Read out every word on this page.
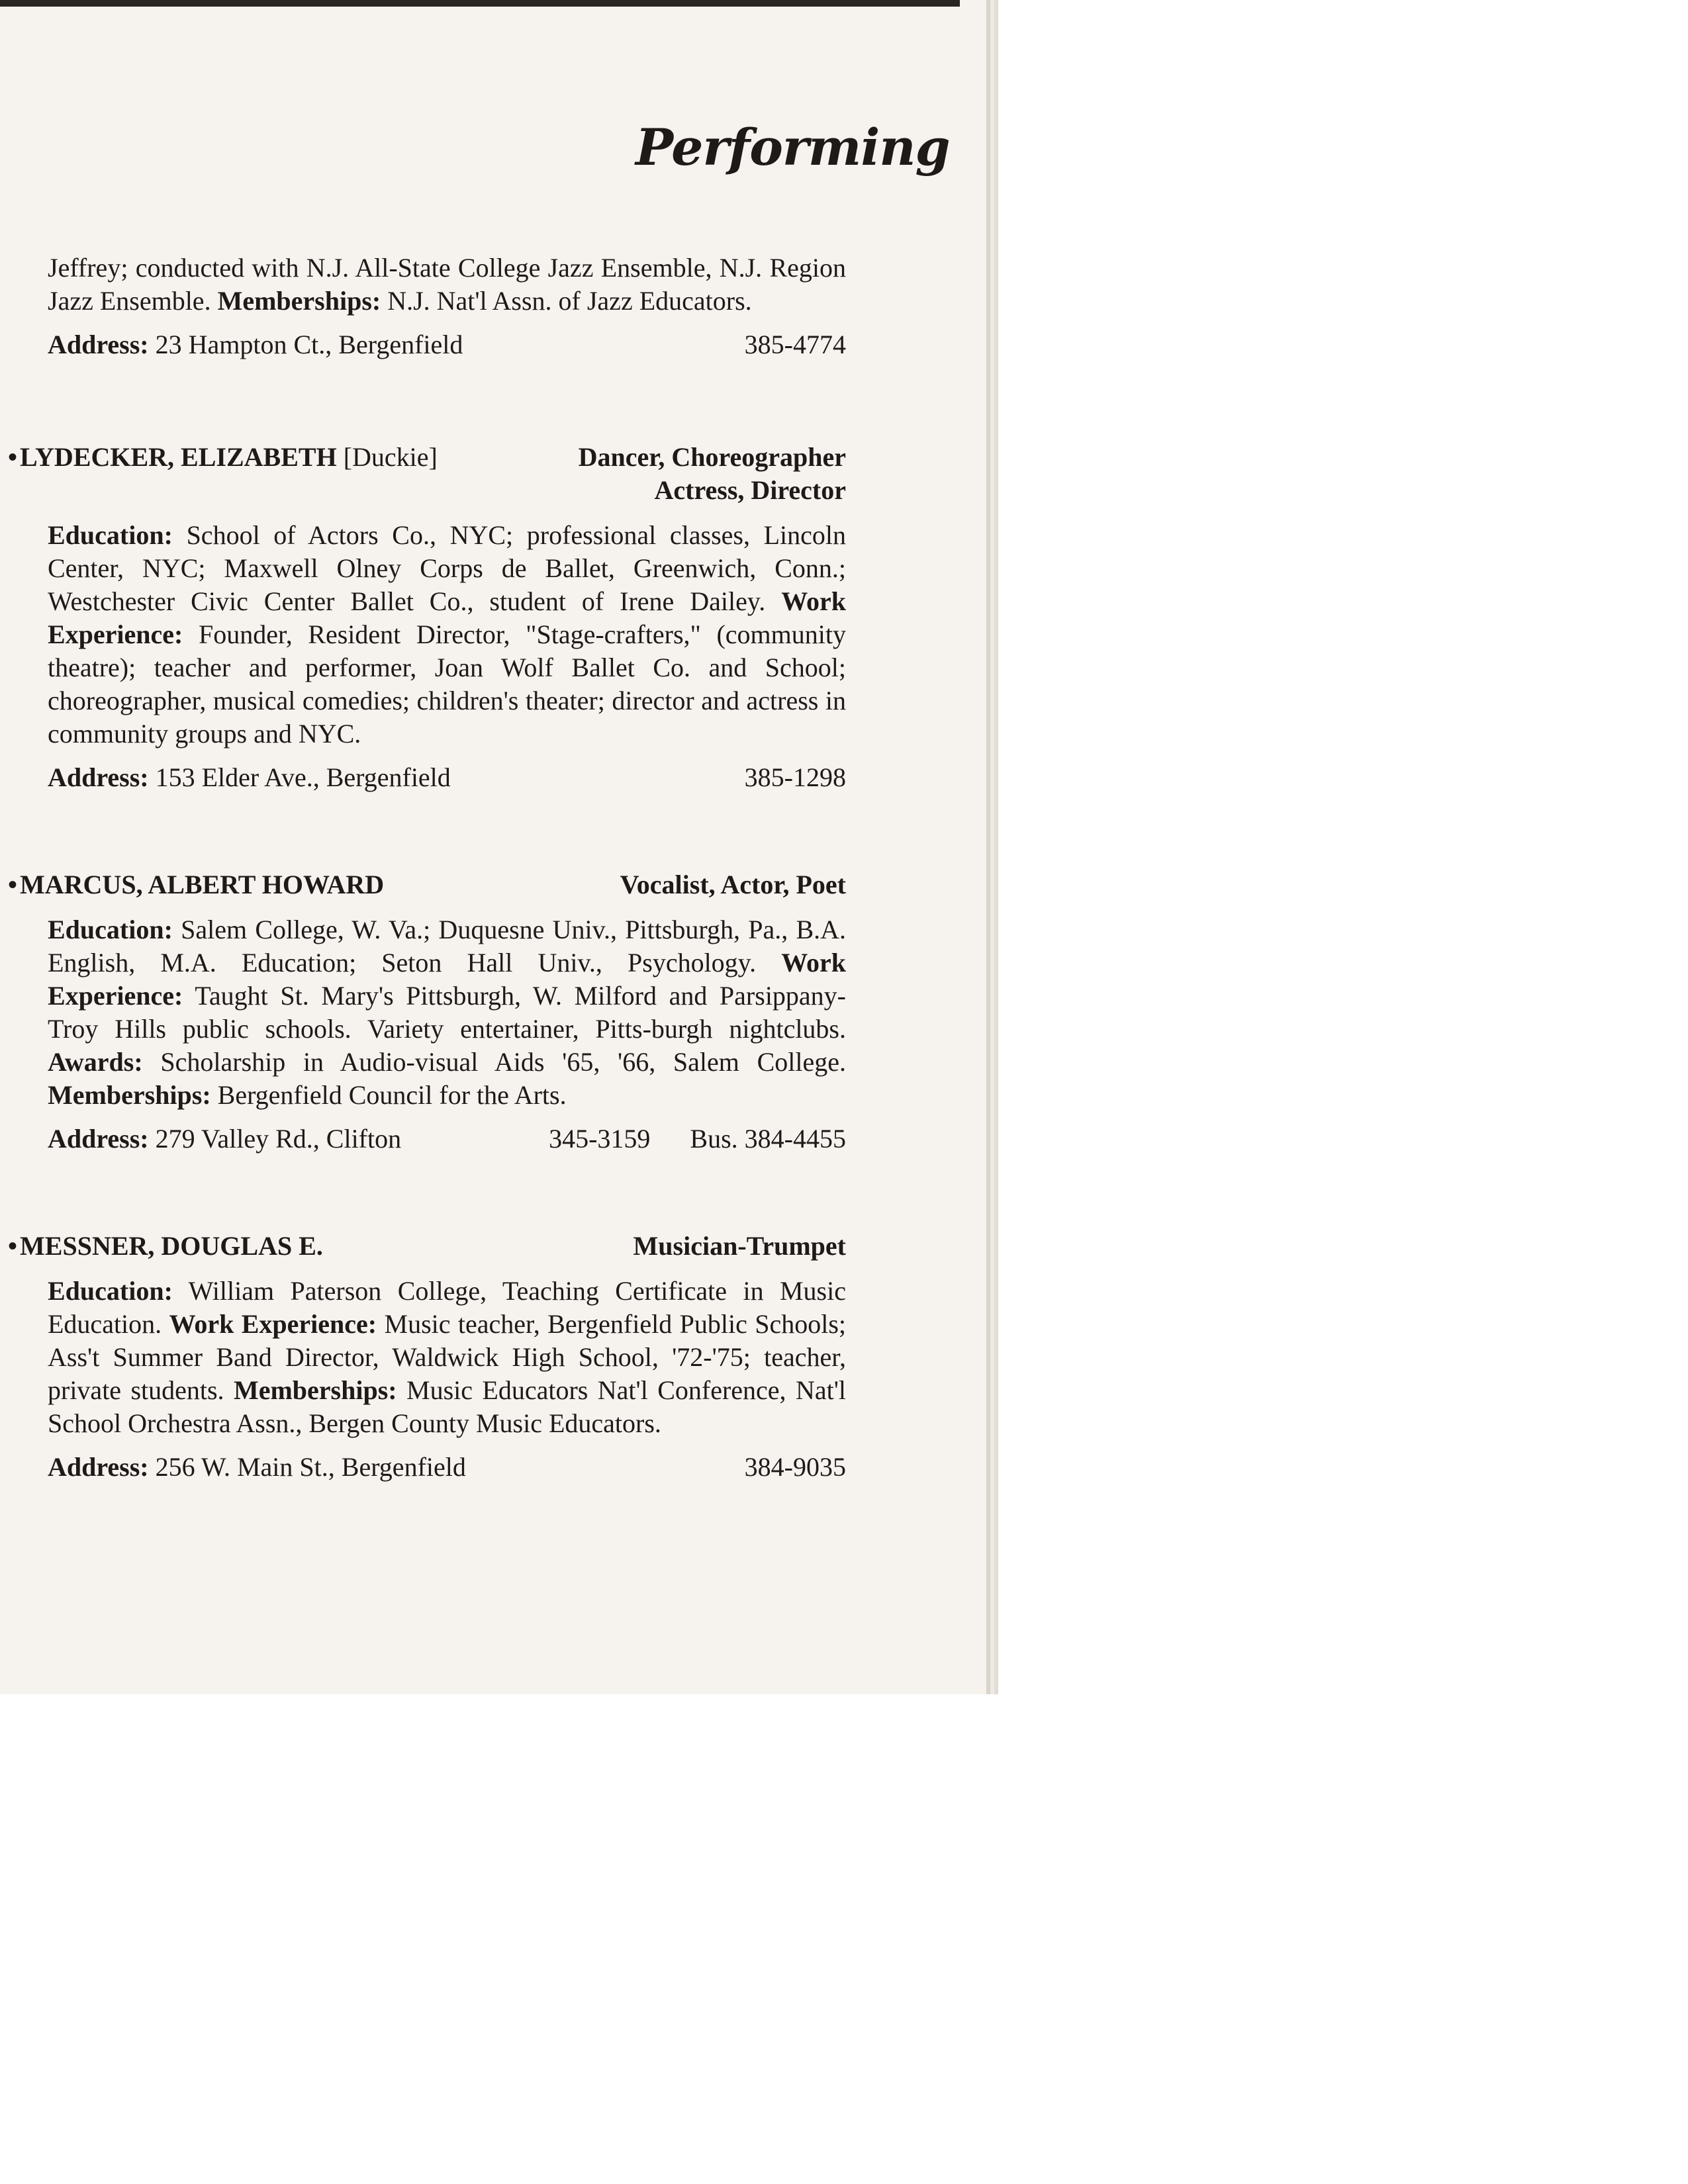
Performing

Jeffrey; conducted with N.J. All-State College Jazz Ensemble, N.J. Region Jazz Ensemble. Memberships: N.J. Nat'l Assn. of Jazz Educators.

Address: 23 Hampton Ct., Bergenfield	385-4774
• LYDECKER, ELIZABETH [Duckie]	Dancer, Choreographer
Actress, Director

Education: School of Actors Co., NYC; professional classes, Lincoln Center, NYC; Maxwell Olney Corps de Ballet, Greenwich, Conn.; Westchester Civic Center Ballet Co., student of Irene Dailey. Work Experience: Founder, Resident Director, "Stage-crafters," (community theatre); teacher and performer, Joan Wolf Ballet Co. and School; choreographer, musical comedies; children's theater; director and actress in community groups and NYC.

Address: 153 Elder Ave., Bergenfield	385-1298
• MARCUS, ALBERT HOWARD	Vocalist, Actor, Poet

Education: Salem College, W. Va.; Duquesne Univ., Pittsburgh, Pa., B.A. English, M.A. Education; Seton Hall Univ., Psychology. Work Experience: Taught St. Mary's Pittsburgh, W. Milford and Parsippany-Troy Hills public schools. Variety entertainer, Pitts-burgh nightclubs. Awards: Scholarship in Audio-visual Aids '65, '66, Salem College. Memberships: Bergenfield Council for the Arts.

Address: 279 Valley Rd., Clifton	345-3159 Bus. 384-4455
• MESSNER, DOUGLAS E.	Musician-Trumpet

Education: William Paterson College, Teaching Certificate in Music Education. Work Experience: Music teacher, Bergenfield Public Schools; Ass't Summer Band Director, Waldwick High School, '72-'75; teacher, private students. Memberships: Music Educators Nat'l Conference, Nat'l School Orchestra Assn., Bergen County Music Educators.

Address: 256 W. Main St., Bergenfield	384-9035
